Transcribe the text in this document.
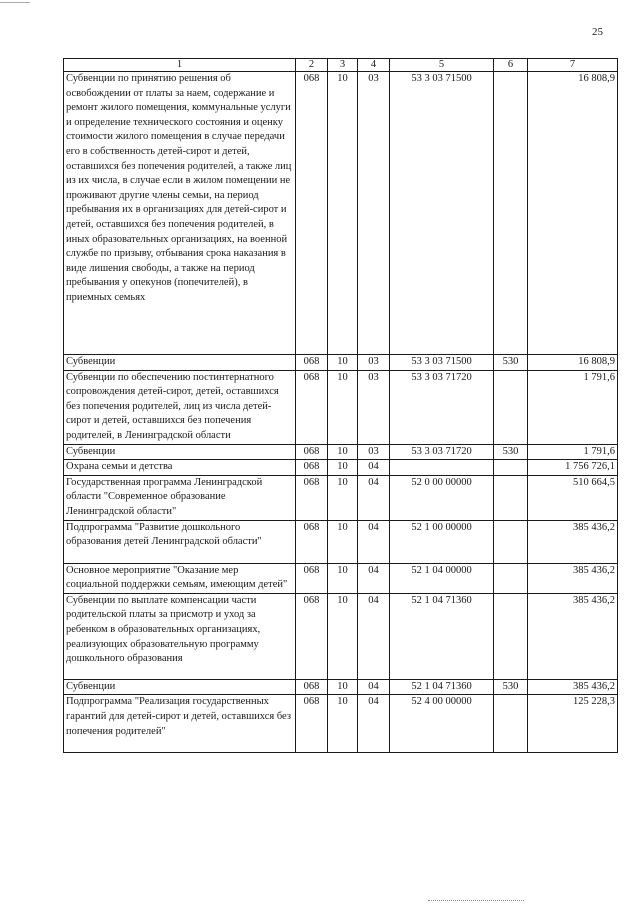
25
1	2	3	4	5	6	7
Субвенции по принятию решения об освобождении от платы за наем, содержание и ремонт жилого помещения, коммунальные услуги и определение технического состояния и оценку стоимости жилого помещения в случае передачи его в собственность детей-сирот и детей, оставшихся без попечения родителей, а также лиц из их числа, в случае если в жилом помещении не проживают другие члены семьи, на период пребывания их в организациях для детей-сирот и детей, оставшихся без попечения родителей, в иных образовательных организациях, на военной службе по призыву, отбывания срока наказания в виде лишения свободы, а также на период пребывания у опекунов (попечителей), в приемных семьях	068	10	03	53 3 03 71500		16 808,9
Субвенции	068	10	03	53 3 03 71500	530	16 808,9
Субвенции по обеспечению постинтернатного сопровождения детей-сирот, детей, оставшихся без попечения родителей, лиц из числа детей-сирот и детей, оставшихся без попечения родителей, в Ленинградской области	068	10	03	53 3 03 71720		1 791,6
Субвенции	068	10	03	53 3 03 71720	530	1 791,6
Охрана семьи и детства	068	10	04			1 756 726,1
Государственная программа Ленинградской области "Современное образование Ленинградской области"	068	10	04	52 0 00 00000		510 664,5
Подпрограмма "Развитие дошкольного образования детей Ленинградской области"	068	10	04	52 1 00 00000		385 436,2
Основное мероприятие "Оказание мер социальной поддержки семьям, имеющим детей"	068	10	04	52 1 04 00000		385 436,2
Субвенции по выплате компенсации части родительской платы за присмотр и уход за ребенком в образовательных организациях, реализующих образовательную программу дошкольного образования	068	10	04	52 1 04 71360		385 436,2
Субвенции	068	10	04	52 1 04 71360	530	385 436,2
Подпрограмма "Реализация государственных гарантий для детей-сирот и детей, оставшихся без попечения родителей"	068	10	04	52 4 00 00000		125 228,3
